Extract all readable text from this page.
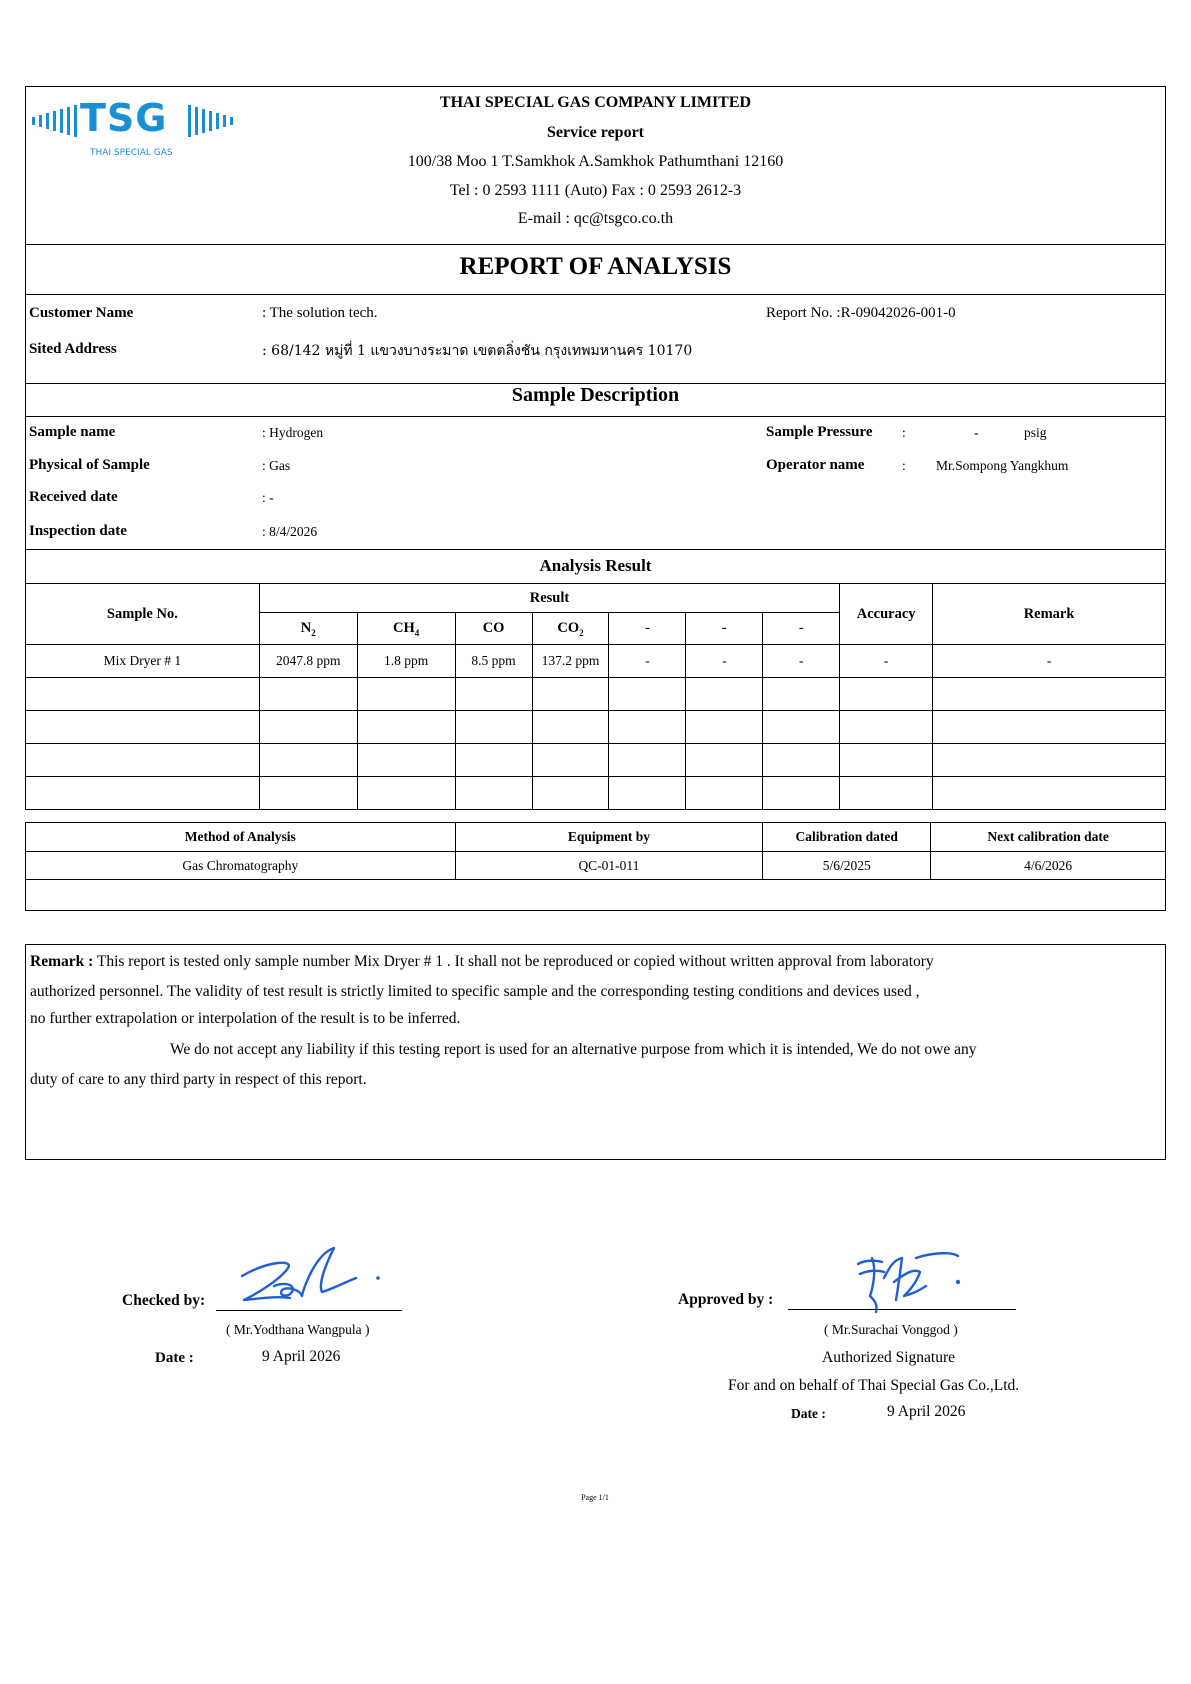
TSG
THAI SPECIAL GAS
THAI SPECIAL GAS COMPANY LIMITED
Service report
100/38 Moo 1 T.Samkhok A.Samkhok Pathumthani 12160
Tel : 0 2593 1111 (Auto) Fax : 0 2593 2612-3
E-mail : qc@tsgco.co.th
REPORT OF ANALYSIS
Customer Name	: The solution tech.	Report No. :R-09042026-001-0
Sited Address	: 68/142 หมู่ที่ 1 แขวงบางระมาด เขตตลิ่งชัน กรุงเทพมหานคร 10170
Sample Description
Sample name	: Hydrogen
Physical of Sample	: Gas
Received date	: -
Inspection date	: 8/4/2026
Sample Pressure :	-	psig
Operator name	: Mr.Sompong Yangkhum
Analysis Result
Sample No.	Result							Accuracy	Remark
	$N_2$	$CH_4$	CO	$CO_2$	-	-	-		
Mix Dryer # 1	2047.8 ppm	1.8 ppm	8.5 ppm	137.2 ppm	-	-	-	-	-

Method of Analysis	Equipment by	Calibration dated	Next calibration date
Gas Chromatography	QC-01-011	5/6/2025	4/6/2026

Remark : This report is tested only sample number Mix Dryer # 1 . It shall not be reproduced or copied without written approval from laboratory
authorized personnel. The validity of test result is strictly limited to specific sample and the corresponding testing conditions and devices used ,
no further extrapolation or interpolation of the result is to be inferred.
We do not accept any liability if this testing report is used for an alternative purpose from which it is intended, We do not owe any
duty of care to any third party in respect of this report.
Checked by:
( Mr.Yodthana Wangpula )
Date :	9 April 2026
Approved by :
( Mr.Surachai Vonggod )
Authorized Signature
For and on behalf of Thai Special Gas Co.,Ltd.
Date :	9 April 2026
Page 1/1
